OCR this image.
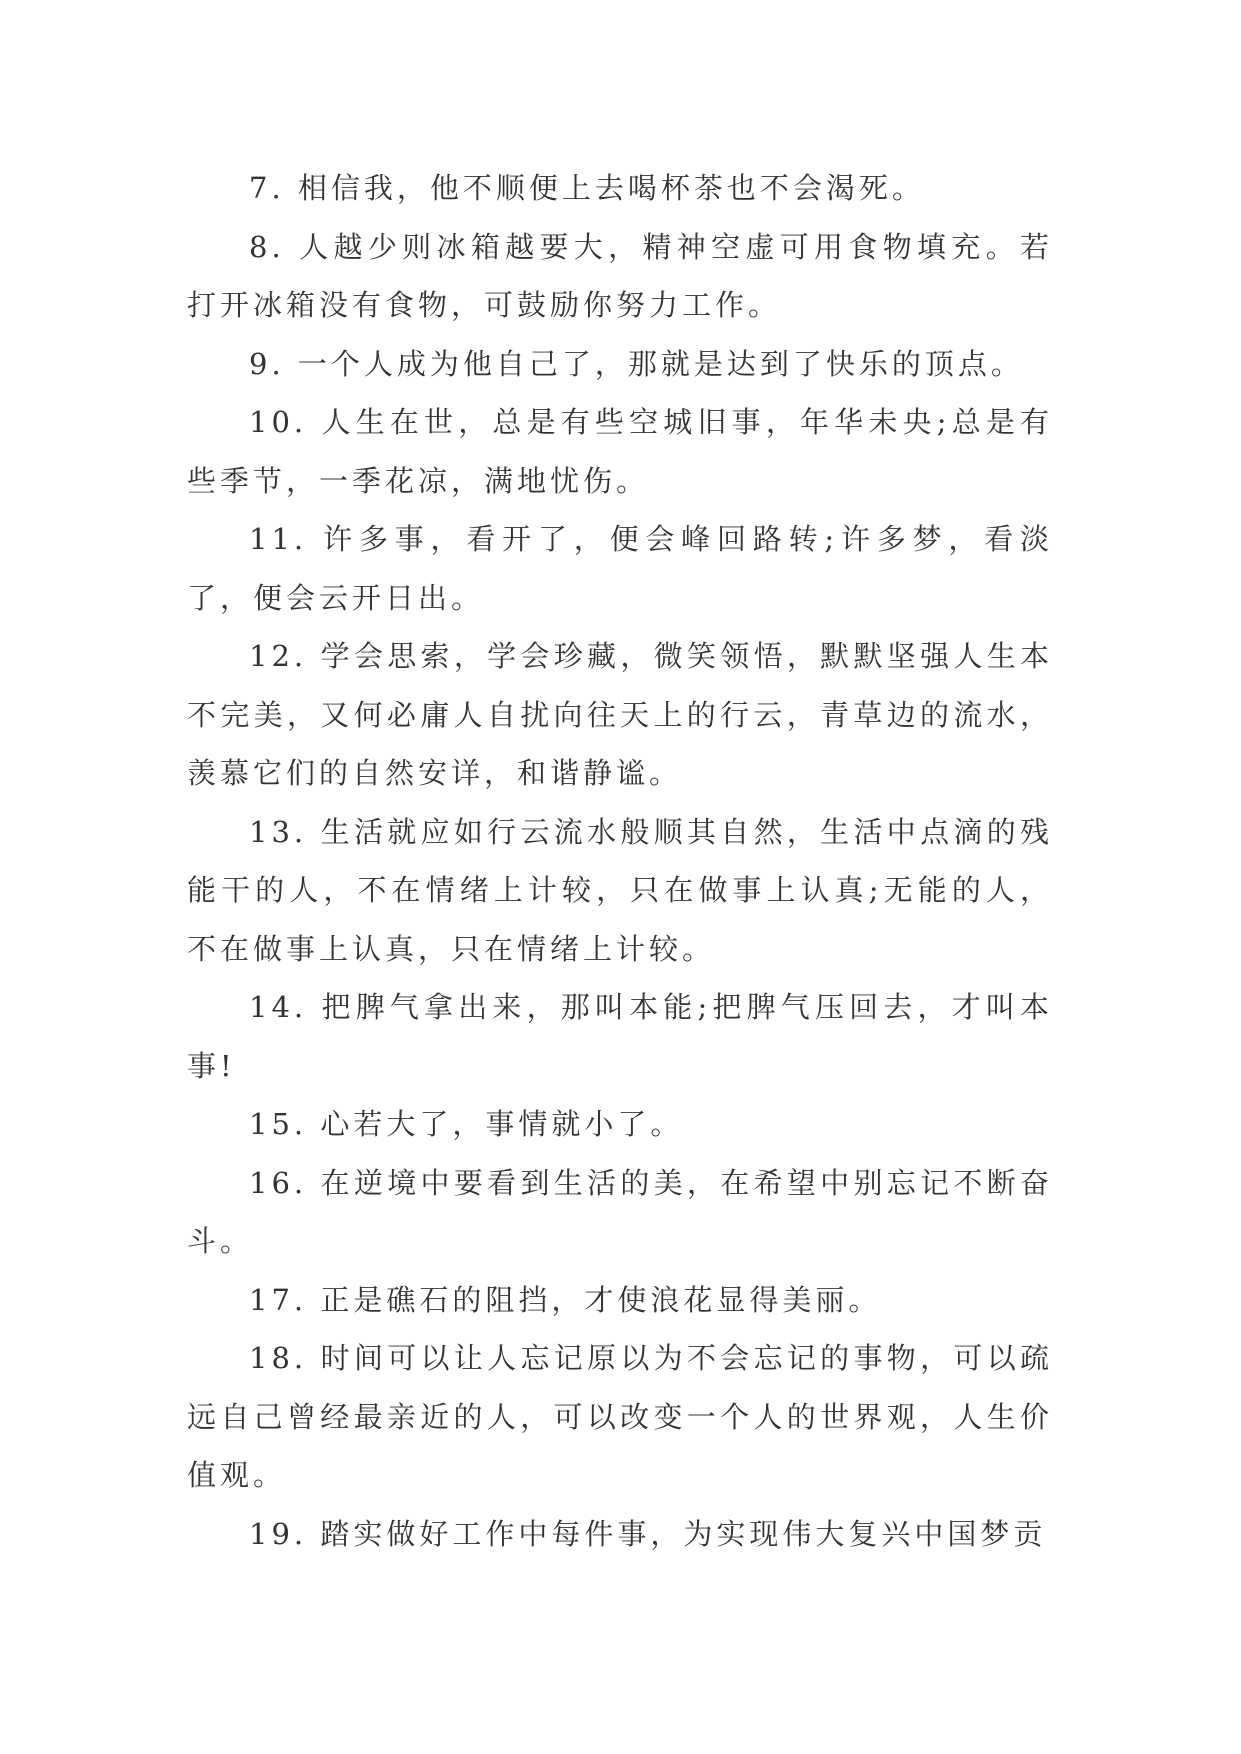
7. 相信我，他不顺便上去喝杯茶也不会渴死。

8. 人越少则冰箱越要大，精神空虚可用食物填充。若打开冰箱没有食物，可鼓励你努力工作。

9. 一个人成为他自己了，那就是达到了快乐的顶点。

10. 人生在世，总是有些空城旧事，年华未央;总是有些季节，一季花凉，满地忧伤。

11. 许多事，看开了，便会峰回路转;许多梦，看淡了，便会云开日出。

12. 学会思索，学会珍藏，微笑领悟，默默坚强人生本不完美，又何必庸人自扰向往天上的行云，青草边的流水，羡慕它们的自然安详，和谐静谧。

13. 生活就应如行云流水般顺其自然，生活中点滴的残能干的人，不在情绪上计较，只在做事上认真;无能的人，不在做事上认真，只在情绪上计较。

14. 把脾气拿出来，那叫本能;把脾气压回去，才叫本事!

15. 心若大了，事情就小了。

16. 在逆境中要看到生活的美，在希望中别忘记不断奋斗。

17. 正是礁石的阻挡，才使浪花显得美丽。

18. 时间可以让人忘记原以为不会忘记的事物，可以疏远自己曾经最亲近的人，可以改变一个人的世界观，人生价值观。

19. 踏实做好工作中每件事，为实现伟大复兴中国梦贡
